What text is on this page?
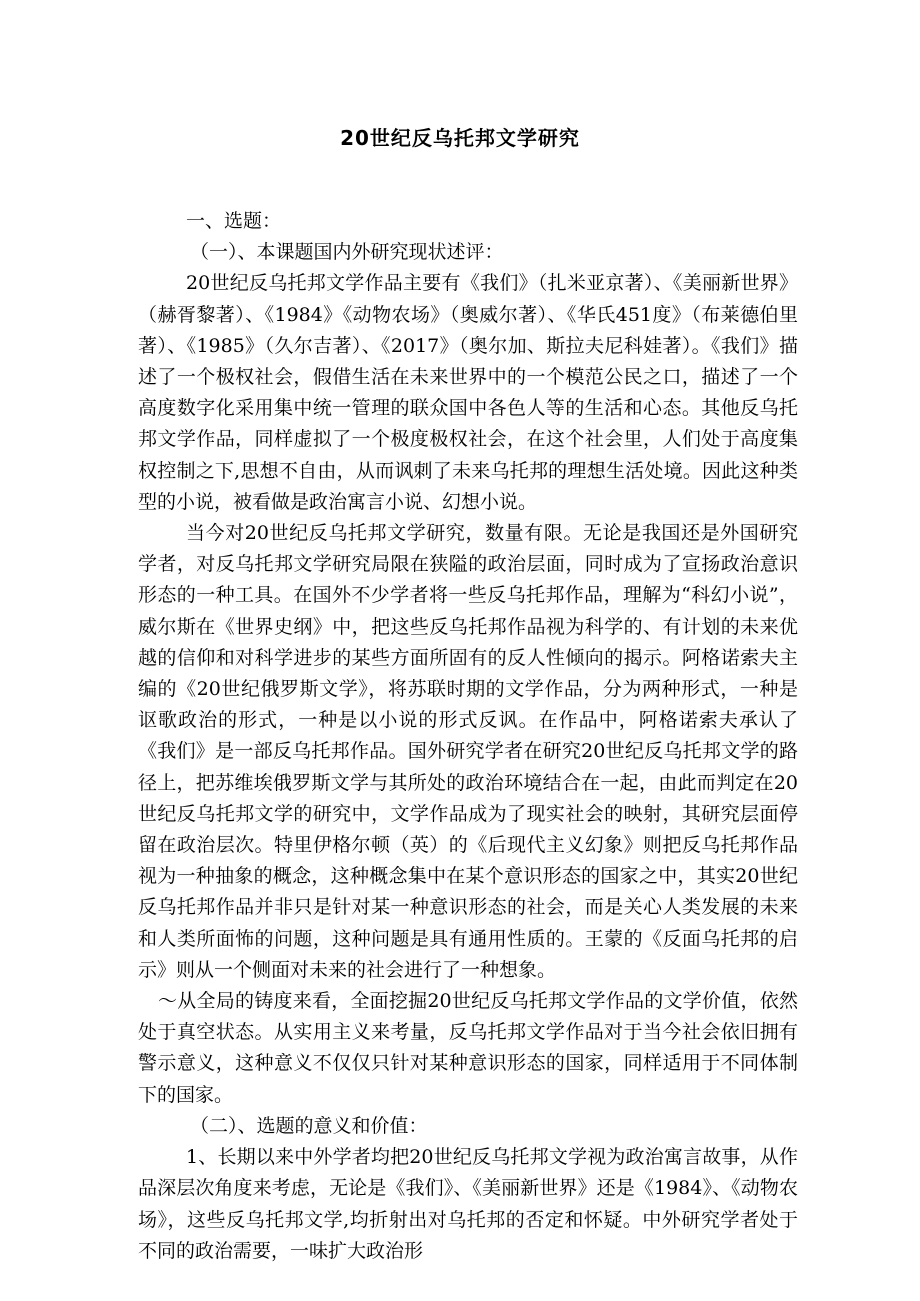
20世纪反乌托邦文学研究

一、选题：

（一）、本课题国内外研究现状述评：

20世纪反乌托邦文学作品主要有《我们》（扎米亚京著）、《美丽新世界》（赫胥黎著）、《1984》《动物农场》（奥威尔著）、《华氏451度》（布莱德伯里著）、《1985》（久尔吉著）、《2017》（奥尔加、斯拉夫尼科娃著）。《我们》描述了一个极权社会，假借生活在未来世界中的一个模范公民之口，描述了一个高度数字化采用集中统一管理的联众国中各色人等的生活和心态。其他反乌托邦文学作品，同样虚拟了一个极度极权社会，在这个社会里，人们处于高度集权控制之下,思想不自由，从而讽刺了未来乌托邦的理想生活处境。因此这种类型的小说，被看做是政治寓言小说、幻想小说。

当今对20世纪反乌托邦文学研究，数量有限。无论是我国还是外国研究学者，对反乌托邦文学研究局限在狭隘的政治层面，同时成为了宣扬政治意识形态的一种工具。在国外不少学者将一些反乌托邦作品，理解为“科幻小说”，威尔斯在《世界史纲》中，把这些反乌托邦作品视为科学的、有计划的未来优越的信仰和对科学进步的某些方面所固有的反人性倾向的揭示。阿格诺索夫主编的《20世纪俄罗斯文学》，将苏联时期的文学作品，分为两种形式，一种是讴歌政治的形式，一种是以小说的形式反讽。在作品中，阿格诺索夫承认了《我们》是一部反乌托邦作品。国外研究学者在研究20世纪反乌托邦文学的路径上，把苏维埃俄罗斯文学与其所处的政治环境结合在一起，由此而判定在20世纪反乌托邦文学的研究中，文学作品成为了现实社会的映射，其研究层面停留在政治层次。特里伊格尔顿（英）的《后现代主义幻象》则把反乌托邦作品视为一种抽象的概念，这种概念集中在某个意识形态的国家之中，其实20世纪反乌托邦作品并非只是针对某一种意识形态的社会，而是关心人类发展的未来和人类所面怖的问题，这种问题是具有通用性质的。王蒙的《反面乌托邦的启示》则从一个侧面对未来的社会进行了一种想象。

～从全局的铸度来看，全面挖掘20世纪反乌托邦文学作品的文学价值，依然处于真空状态。从实用主义来考量，反乌托邦文学作品对于当今社会依旧拥有警示意义，这种意义不仅仅只针对某种意识形态的国家，同样适用于不同体制下的国家。

（二）、选题的意义和价值：

1、长期以来中外学者均把20世纪反乌托邦文学视为政治寓言故事，从作品深层次角度来考虑，无论是《我们》、《美丽新世界》还是《1984》、《动物农场》，这些反乌托邦文学,均折射出对乌托邦的否定和怀疑。中外研究学者处于不同的政治需要，一味扩大政治形
